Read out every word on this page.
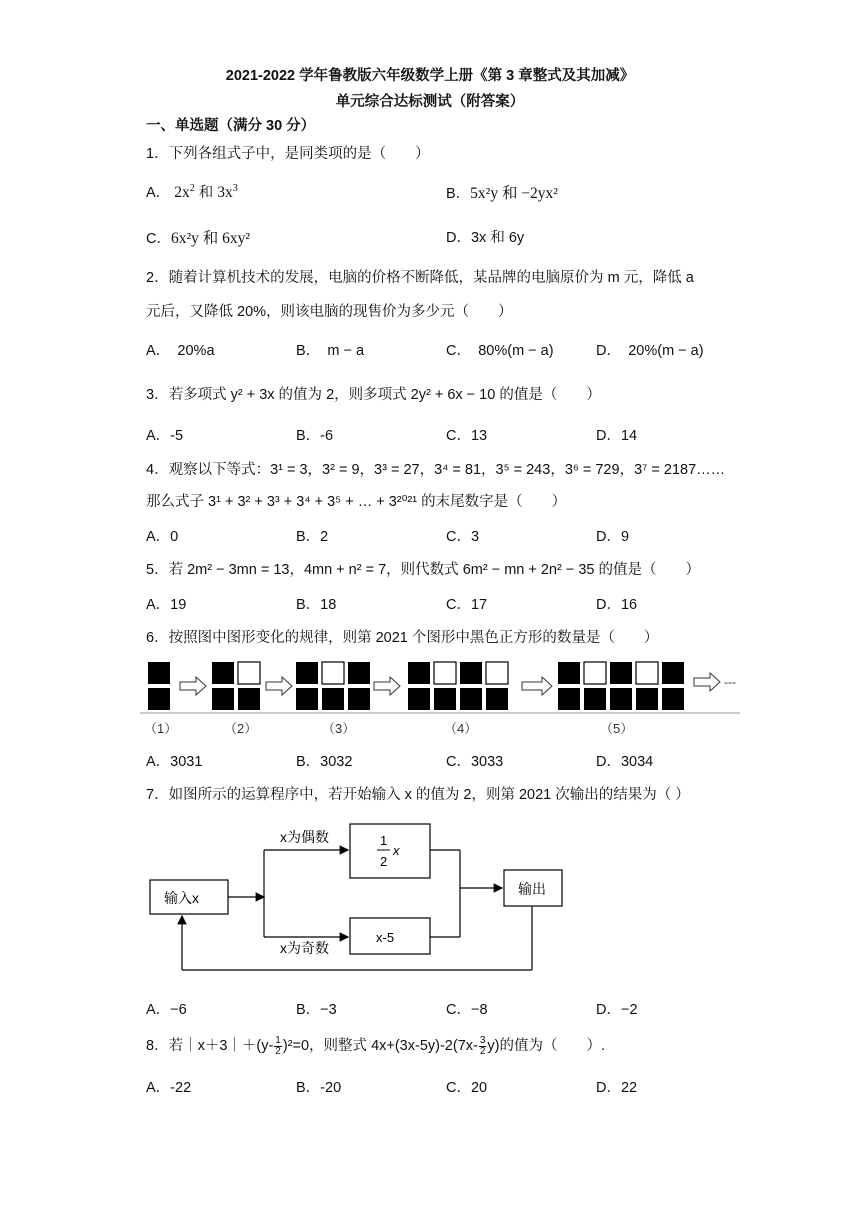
2021-2022 学年鲁教版六年级数学上册《第 3 章整式及其加减》
单元综合达标测试（附答案）
一、单选题（满分 30 分）
1．下列各组式子中，是同类项的是（　　）
A． $2x^2$ 和 $3x^3$	B．5x²y 和 −2yx²
C．6x²y 和 6xy²	D．3x 和 6y
2．随着计算机技术的发展，电脑的价格不断降低，某品牌的电脑原价为 m 元，降低 a
元后，又降低 20%，则该电脑的现售价为多少元（　　）
A．　20%a	B．　m − a	C．　80%(m − a)	D．　20%(m − a)
3．若多项式 y² + 3x 的值为 2，则多项式 2y² + 6x − 10 的值是（　　）
A．-5	B．-6	C．13	D．14
4．观察以下等式：3¹ = 3，3² = 9，3³ = 27，3⁴ = 81，3⁵ = 243，3⁶ = 729，3⁷ = 2187……
那么式子 3¹ + 3² + 3³ + 3⁴ + 3⁵ + … + 3²⁰²¹ 的末尾数字是（　　）
A．0	B．2	C．3	D．9
5．若 2m² − 3mn = 13，4mn + n² = 7，则代数式 6m² − mn + 2n² − 35 的值是（　　）
A．19	B．18	C．17	D．16
6．按照图中图形变化的规律，则第 2021 个图形中黑色正方形的数量是（　　）
---
（1）	（2）	（3）	（4）	（5）
A．3031	B．3032	C．3033	D．3034
7．如图所示的运算程序中，若开始输入 x 的值为 2，则第 2021 次输出的结果为（ ）
输入x
x为偶数
x为奇数
1
2
x
x-5
输出
A．−6	B．−3	C．−8	D．−2
8．若｜x＋3｜＋(y- $\frac{1}{2} )^2=0$，则整式 $4x+(3x-5y)-2(7x- \frac{3}{2} y)$的值为（　　）.
A．-22	B．-20	C．20	D．22
